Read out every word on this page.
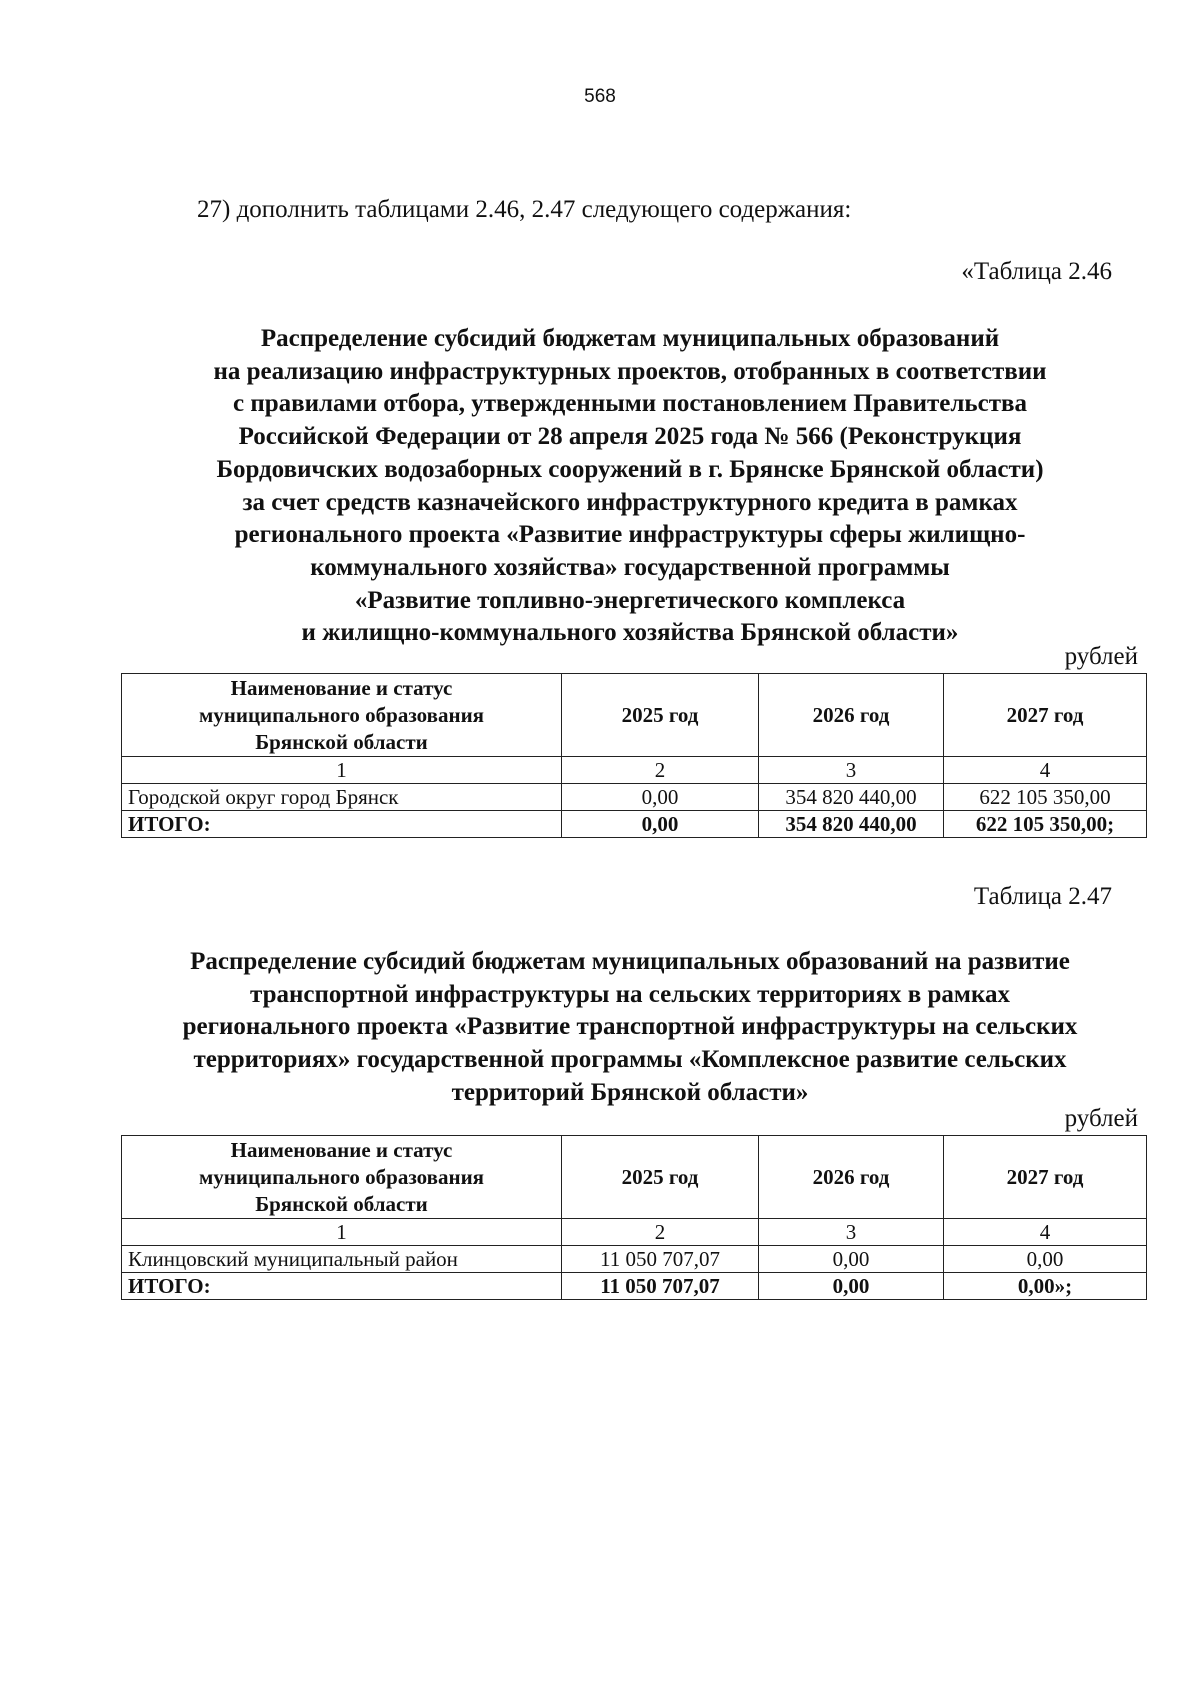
568
27) дополнить таблицами 2.46, 2.47 следующего содержания:
«Таблица 2.46
Распределение субсидий бюджетам муниципальных образований
на реализацию инфраструктурных проектов, отобранных в соответствии
с правилами отбора, утвержденными постановлением Правительства
Российской Федерации от 28 апреля 2025 года № 566 (Реконструкция
Бордовичских водозаборных сооружений в г. Брянске Брянской области)
за счет средств казначейского инфраструктурного кредита в рамках
регионального проекта «Развитие инфраструктуры сферы жилищно-
коммунального хозяйства» государственной программы
«Развитие топливно-энергетического комплекса
и жилищно-коммунального хозяйства Брянской области»
рублей
Наименование и статус
муниципального образования
Брянской области	2025 год	2026 год	2027 год
1	2	3	4
Городской округ город Брянск	0,00	354 820 440,00	622 105 350,00
ИТОГО:	0,00	354 820 440,00	622 105 350,00;
Таблица 2.47
Распределение субсидий бюджетам муниципальных образований на развитие
транспортной инфраструктуры на сельских территориях в рамках
регионального проекта «Развитие транспортной инфраструктуры на сельских
территориях» государственной программы «Комплексное развитие сельских
территорий Брянской области»
рублей
Наименование и статус
муниципального образования
Брянской области	2025 год	2026 год	2027 год
1	2	3	4
Клинцовский муниципальный район	11 050 707,07	0,00	0,00
ИТОГО:	11 050 707,07	0,00	0,00»;
